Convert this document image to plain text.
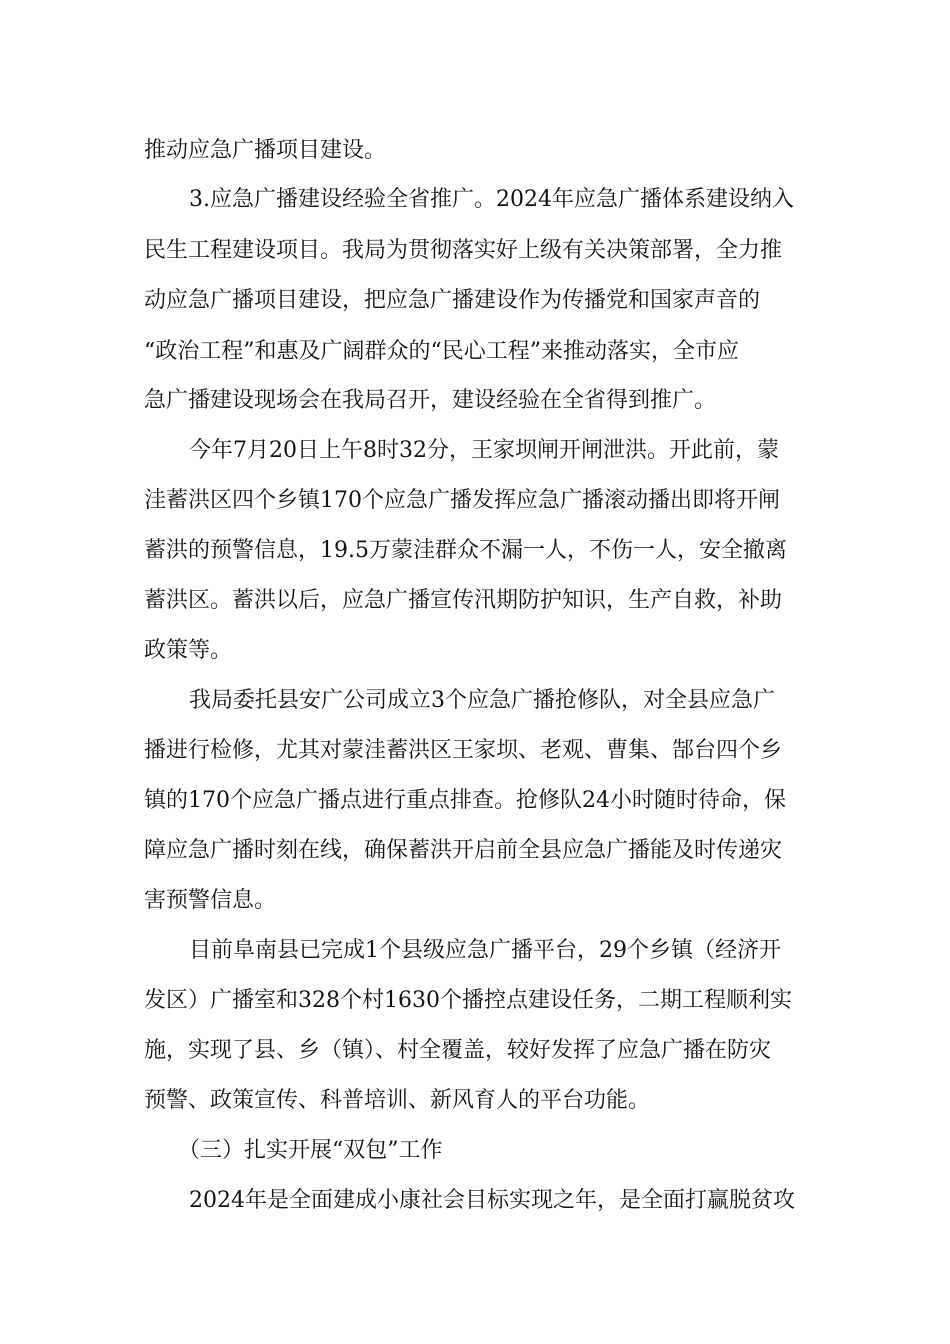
推动应急广播项目建设。
3.应急广播建设经验全省推广。2024年应急广播体系建设纳入
民生工程建设项目。我局为贯彻落实好上级有关决策部署，全力推
动应急广播项目建设，把应急广播建设作为传播党和国家声音的
“政治工程”和惠及广阔群众的“民心工程”来推动落实，全市应
急广播建设现场会在我局召开，建设经验在全省得到推广。
今年7月20日上午8时32分，王家坝闸开闸泄洪。开此前，蒙
洼蓄洪区四个乡镇170个应急广播发挥应急广播滚动播出即将开闸
蓄洪的预警信息，19.5万蒙洼群众不漏一人，不伤一人，安全撤离
蓄洪区。蓄洪以后，应急广播宣传汛期防护知识，生产自救，补助
政策等。
我局委托县安广公司成立3个应急广播抢修队，对全县应急广
播进行检修，尤其对蒙洼蓄洪区王家坝、老观、曹集、郜台四个乡
镇的170个应急广播点进行重点排查。抢修队24小时随时待命，保
障应急广播时刻在线，确保蓄洪开启前全县应急广播能及时传递灾
害预警信息。
目前阜南县已完成1个县级应急广播平台，29个乡镇（经济开
发区）广播室和328个村1630个播控点建设任务，二期工程顺利实
施，实现了县、乡（镇）、村全覆盖，较好发挥了应急广播在防灾
预警、政策宣传、科普培训、新风育人的平台功能。
（三）扎实开展“双包”工作
2024年是全面建成小康社会目标实现之年，是全面打赢脱贫攻
